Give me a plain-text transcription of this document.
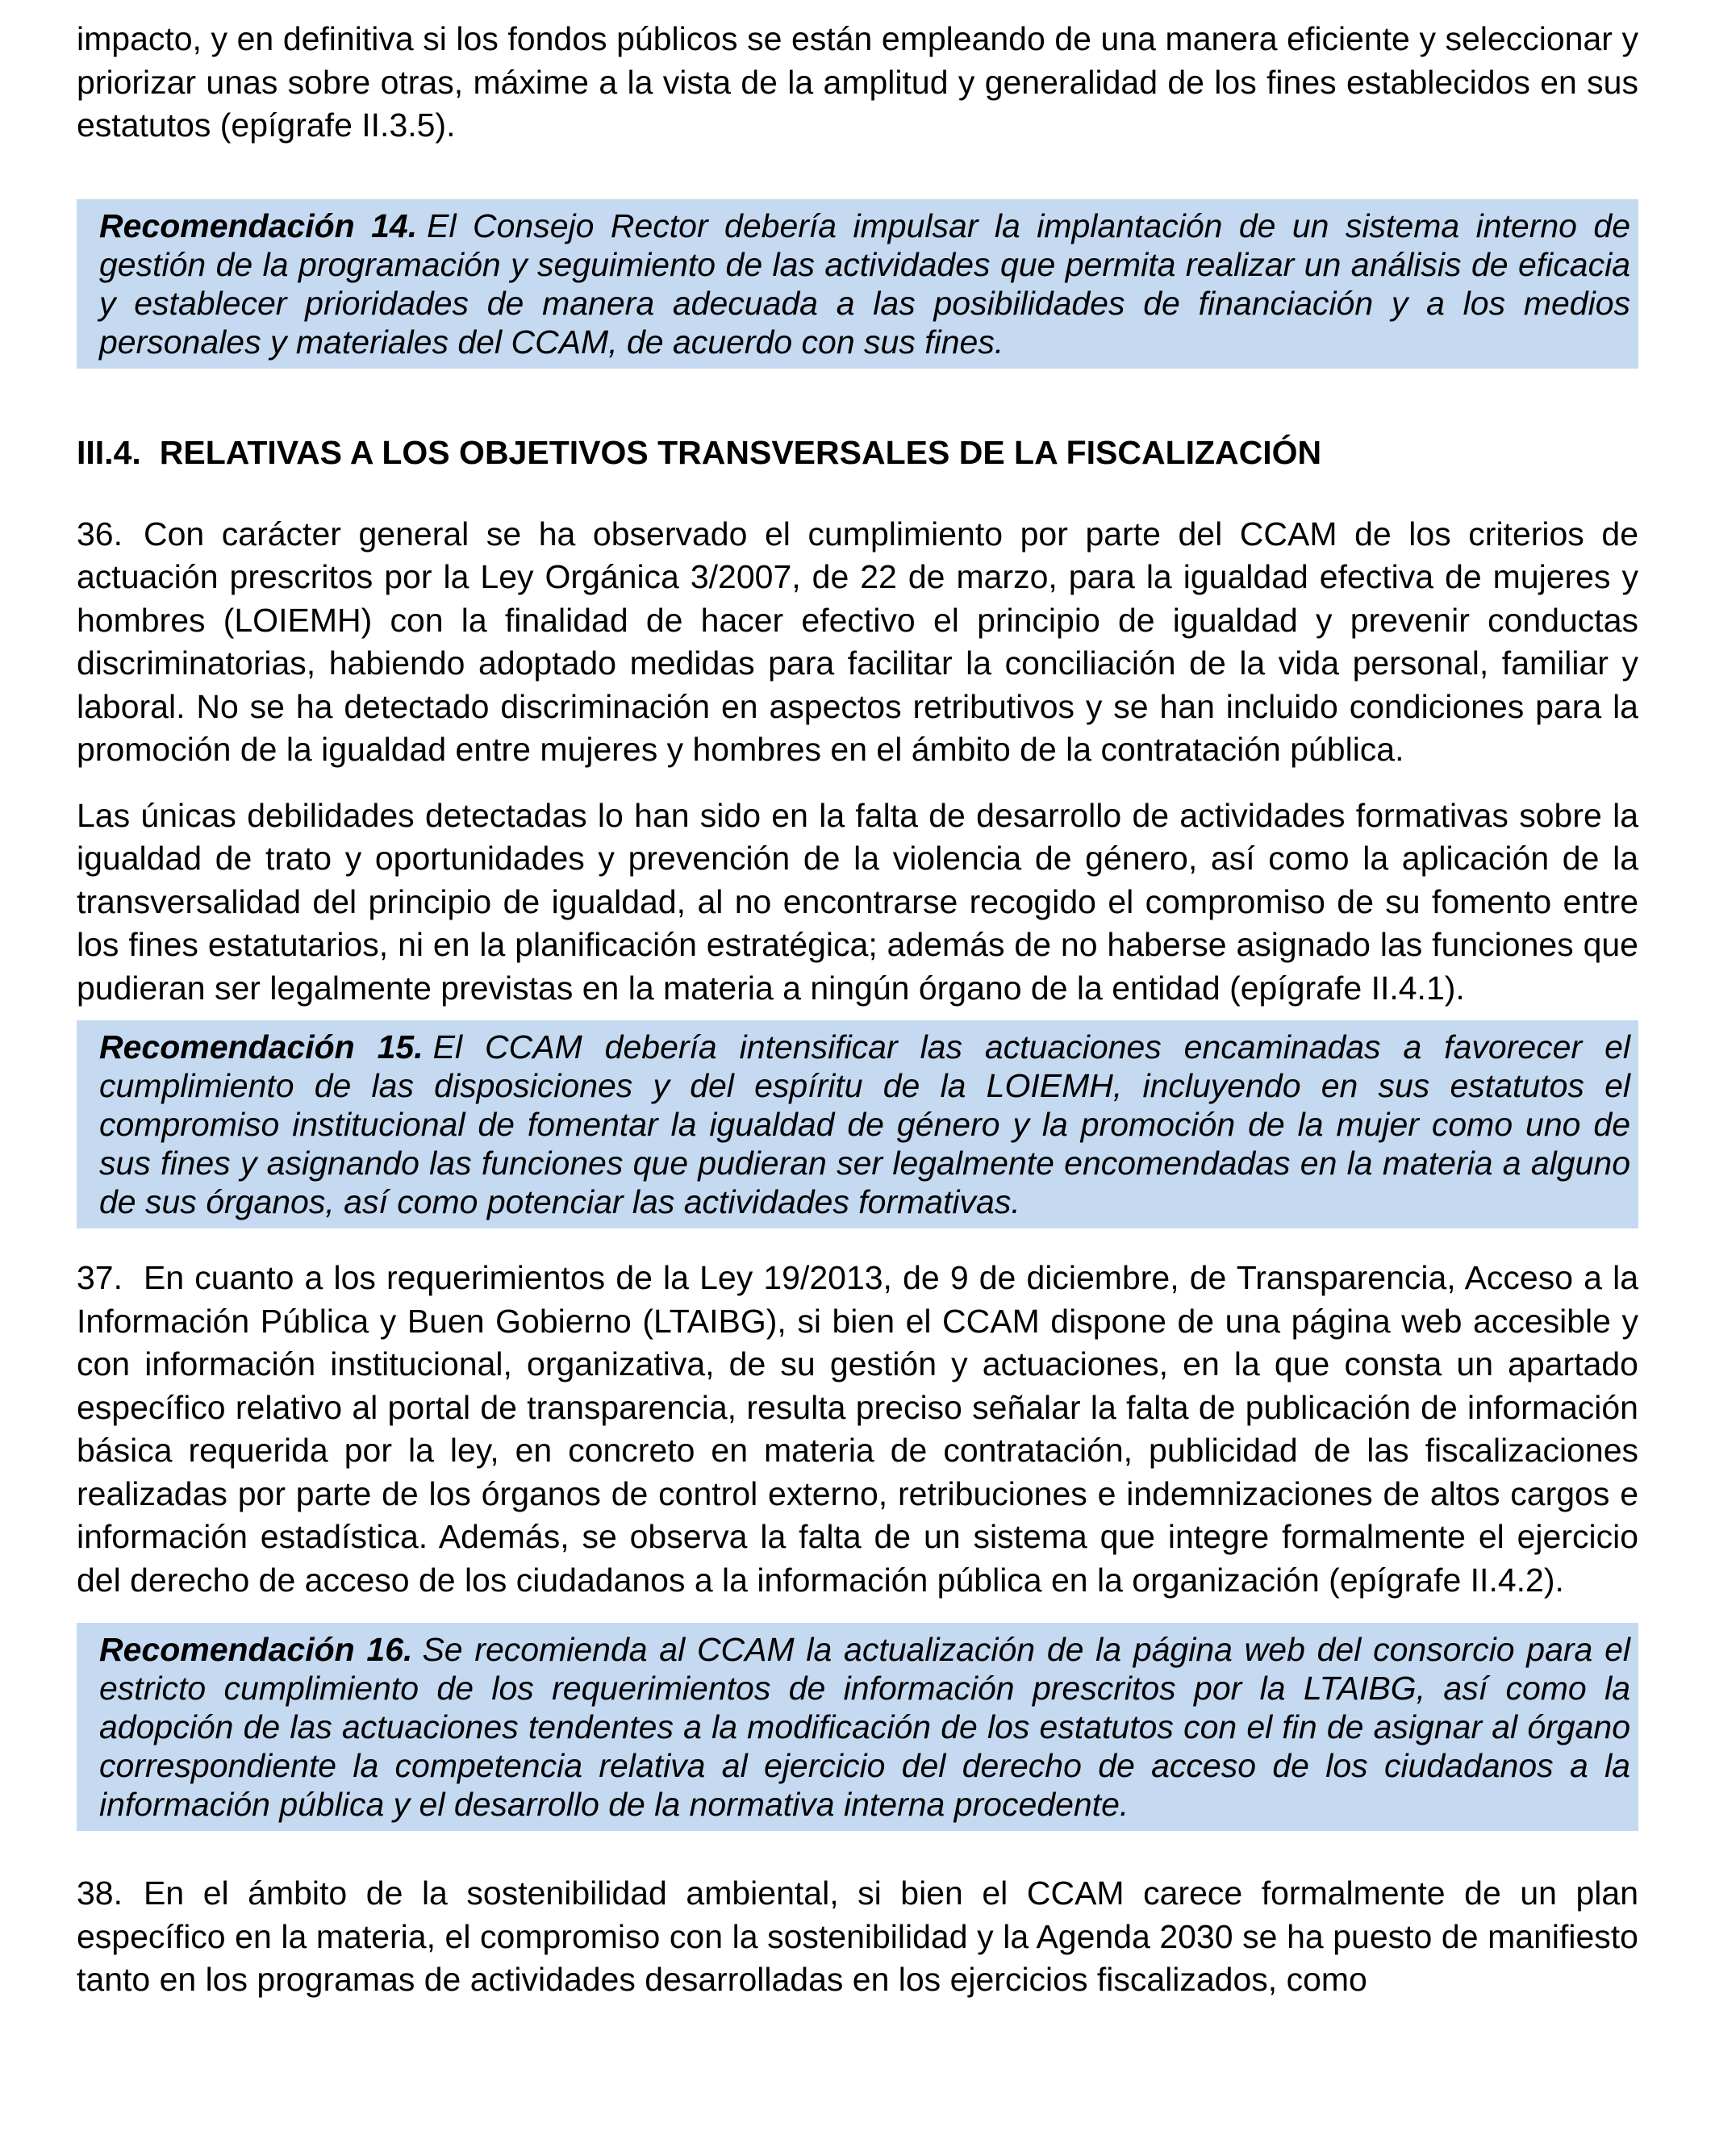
impacto, y en definitiva si los fondos públicos se están empleando de una manera eficiente y seleccionar y priorizar unas sobre otras, máxime a la vista de la amplitud y generalidad de los fines establecidos en sus estatutos (epígrafe II.3.5).

Recomendación 14. El Consejo Rector debería impulsar la implantación de un sistema interno de gestión de la programación y seguimiento de las actividades que permita realizar un análisis de eficacia y establecer prioridades de manera adecuada a las posibilidades de financiación y a los medios personales y materiales del CCAM, de acuerdo con sus fines.
III.4. RELATIVAS A LOS OBJETIVOS TRANSVERSALES DE LA FISCALIZACIÓN

36. Con carácter general se ha observado el cumplimiento por parte del CCAM de los criterios de actuación prescritos por la Ley Orgánica 3/2007, de 22 de marzo, para la igualdad efectiva de mujeres y hombres (LOIEMH) con la finalidad de hacer efectivo el principio de igualdad y prevenir conductas discriminatorias, habiendo adoptado medidas para facilitar la conciliación de la vida personal, familiar y laboral. No se ha detectado discriminación en aspectos retributivos y se han incluido condiciones para la promoción de la igualdad entre mujeres y hombres en el ámbito de la contratación pública.

Las únicas debilidades detectadas lo han sido en la falta de desarrollo de actividades formativas sobre la igualdad de trato y oportunidades y prevención de la violencia de género, así como la aplicación de la transversalidad del principio de igualdad, al no encontrarse recogido el compromiso de su fomento entre los fines estatutarios, ni en la planificación estratégica; además de no haberse asignado las funciones que pudieran ser legalmente previstas en la materia a ningún órgano de la entidad (epígrafe II.4.1).

Recomendación 15. El CCAM debería intensificar las actuaciones encaminadas a favorecer el cumplimiento de las disposiciones y del espíritu de la LOIEMH, incluyendo en sus estatutos el compromiso institucional de fomentar la igualdad de género y la promoción de la mujer como uno de sus fines y asignando las funciones que pudieran ser legalmente encomendadas en la materia a alguno de sus órganos, así como potenciar las actividades formativas.

37. En cuanto a los requerimientos de la Ley 19/2013, de 9 de diciembre, de Transparencia, Acceso a la Información Pública y Buen Gobierno (LTAIBG), si bien el CCAM dispone de una página web accesible y con información institucional, organizativa, de su gestión y actuaciones, en la que consta un apartado específico relativo al portal de transparencia, resulta preciso señalar la falta de publicación de información básica requerida por la ley, en concreto en materia de contratación, publicidad de las fiscalizaciones realizadas por parte de los órganos de control externo, retribuciones e indemnizaciones de altos cargos e información estadística. Además, se observa la falta de un sistema que integre formalmente el ejercicio del derecho de acceso de los ciudadanos a la información pública en la organización (epígrafe II.4.2).

Recomendación 16. Se recomienda al CCAM la actualización de la página web del consorcio para el estricto cumplimiento de los requerimientos de información prescritos por la LTAIBG, así como la adopción de las actuaciones tendentes a la modificación de los estatutos con el fin de asignar al órgano correspondiente la competencia relativa al ejercicio del derecho de acceso de los ciudadanos a la información pública y el desarrollo de la normativa interna procedente.

38. En el ámbito de la sostenibilidad ambiental, si bien el CCAM carece formalmente de un plan específico en la materia, el compromiso con la sostenibilidad y la Agenda 2030 se ha puesto de manifiesto tanto en los programas de actividades desarrolladas en los ejercicios fiscalizados, como
